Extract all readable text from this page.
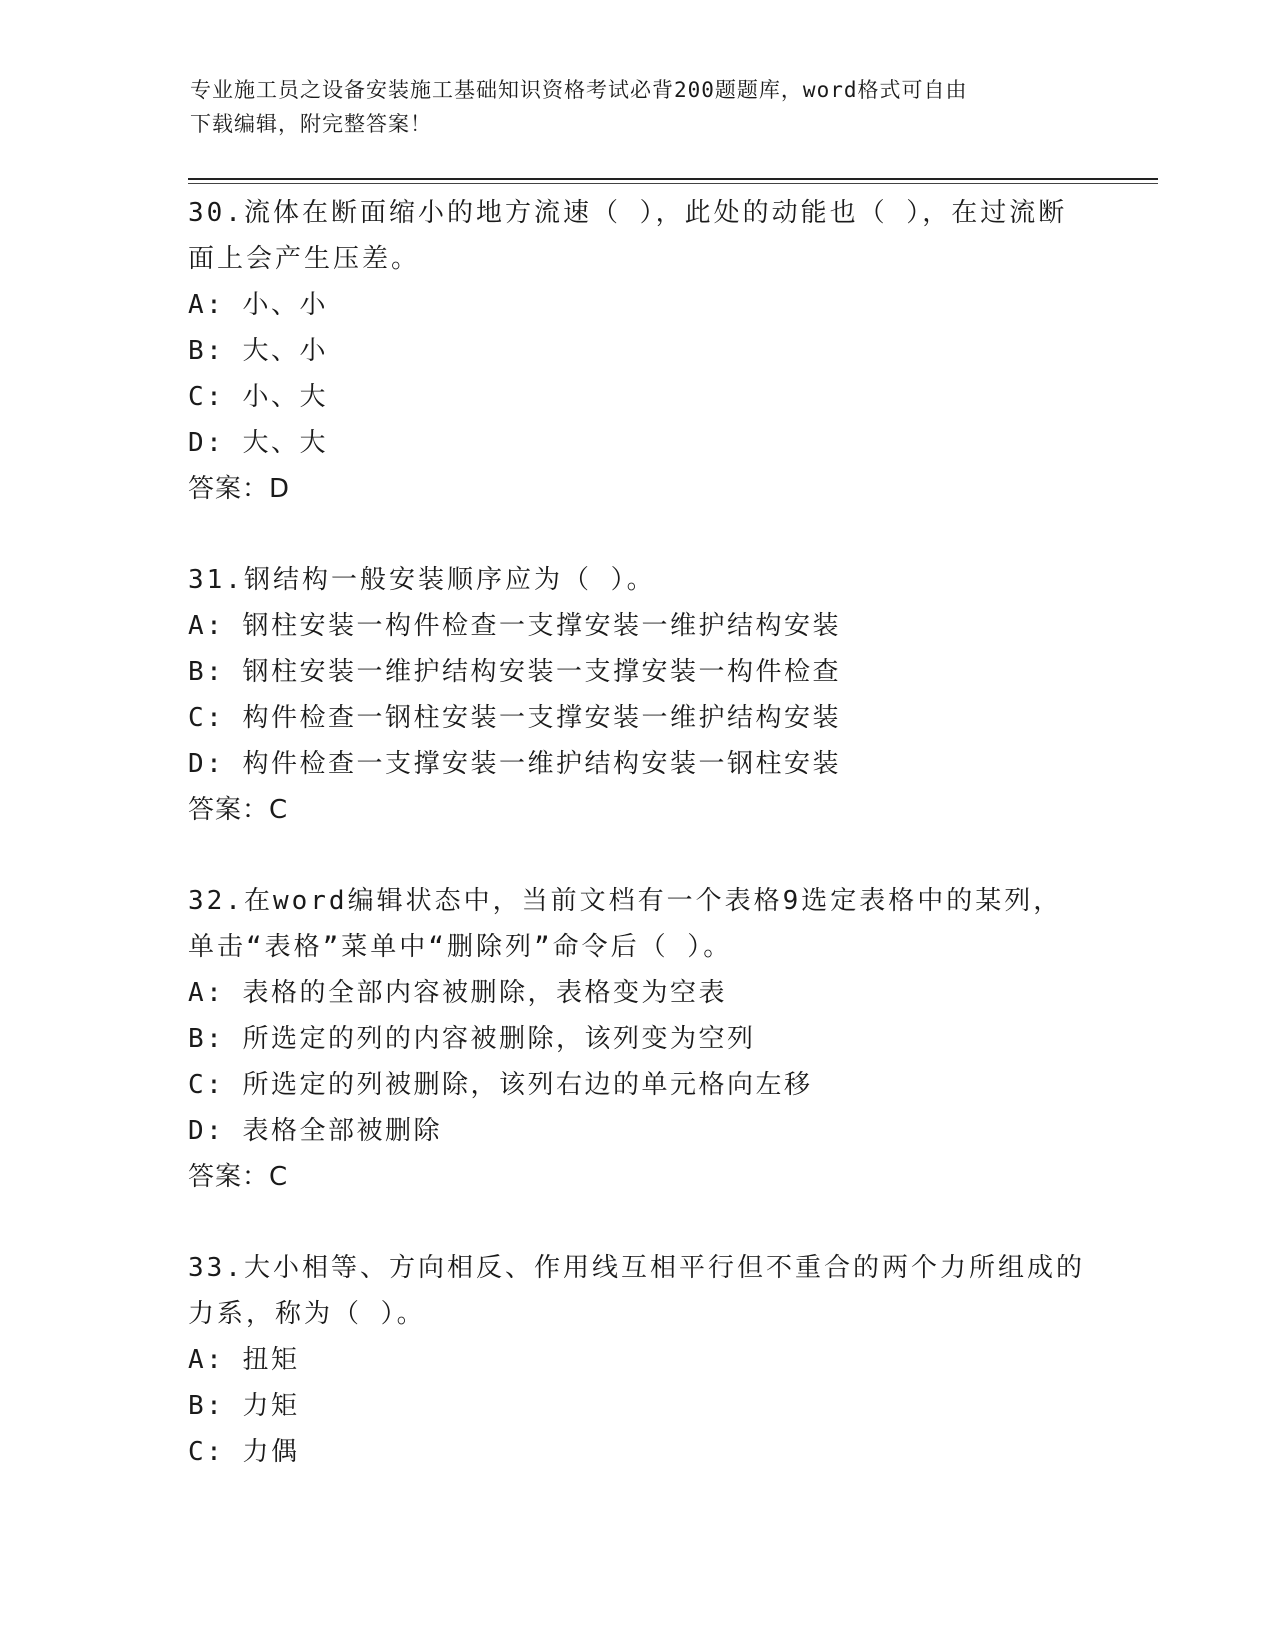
专业施工员之设备安装施工基础知识资格考试必背200题题库，word格式可自由
下载编辑，附完整答案！
30.流体在断面缩小的地方流速（ ），此处的动能也（ ），在过流断
面上会产生压差。
A: 小、小
B: 大、小
C: 小、大
D: 大、大
答案：D
31.钢结构一般安装顺序应为（ ）。
A: 钢柱安装一构件检查一支撑安装一维护结构安装
B: 钢柱安装一维护结构安装一支撑安装一构件检查
C: 构件检查一钢柱安装一支撑安装一维护结构安装
D: 构件检查一支撑安装一维护结构安装一钢柱安装
答案：C
32.在word编辑状态中，当前文档有一个表格9选定表格中的某列，
单击“表格”菜单中“删除列”命令后（ ）。
A: 表格的全部内容被删除，表格变为空表
B: 所选定的列的内容被删除，该列变为空列
C: 所选定的列被删除，该列右边的单元格向左移
D: 表格全部被删除
答案：C
33.大小相等、方向相反、作用线互相平行但不重合的两个力所组成的
力系，称为（ ）。
A: 扭矩
B: 力矩
C: 力偶
